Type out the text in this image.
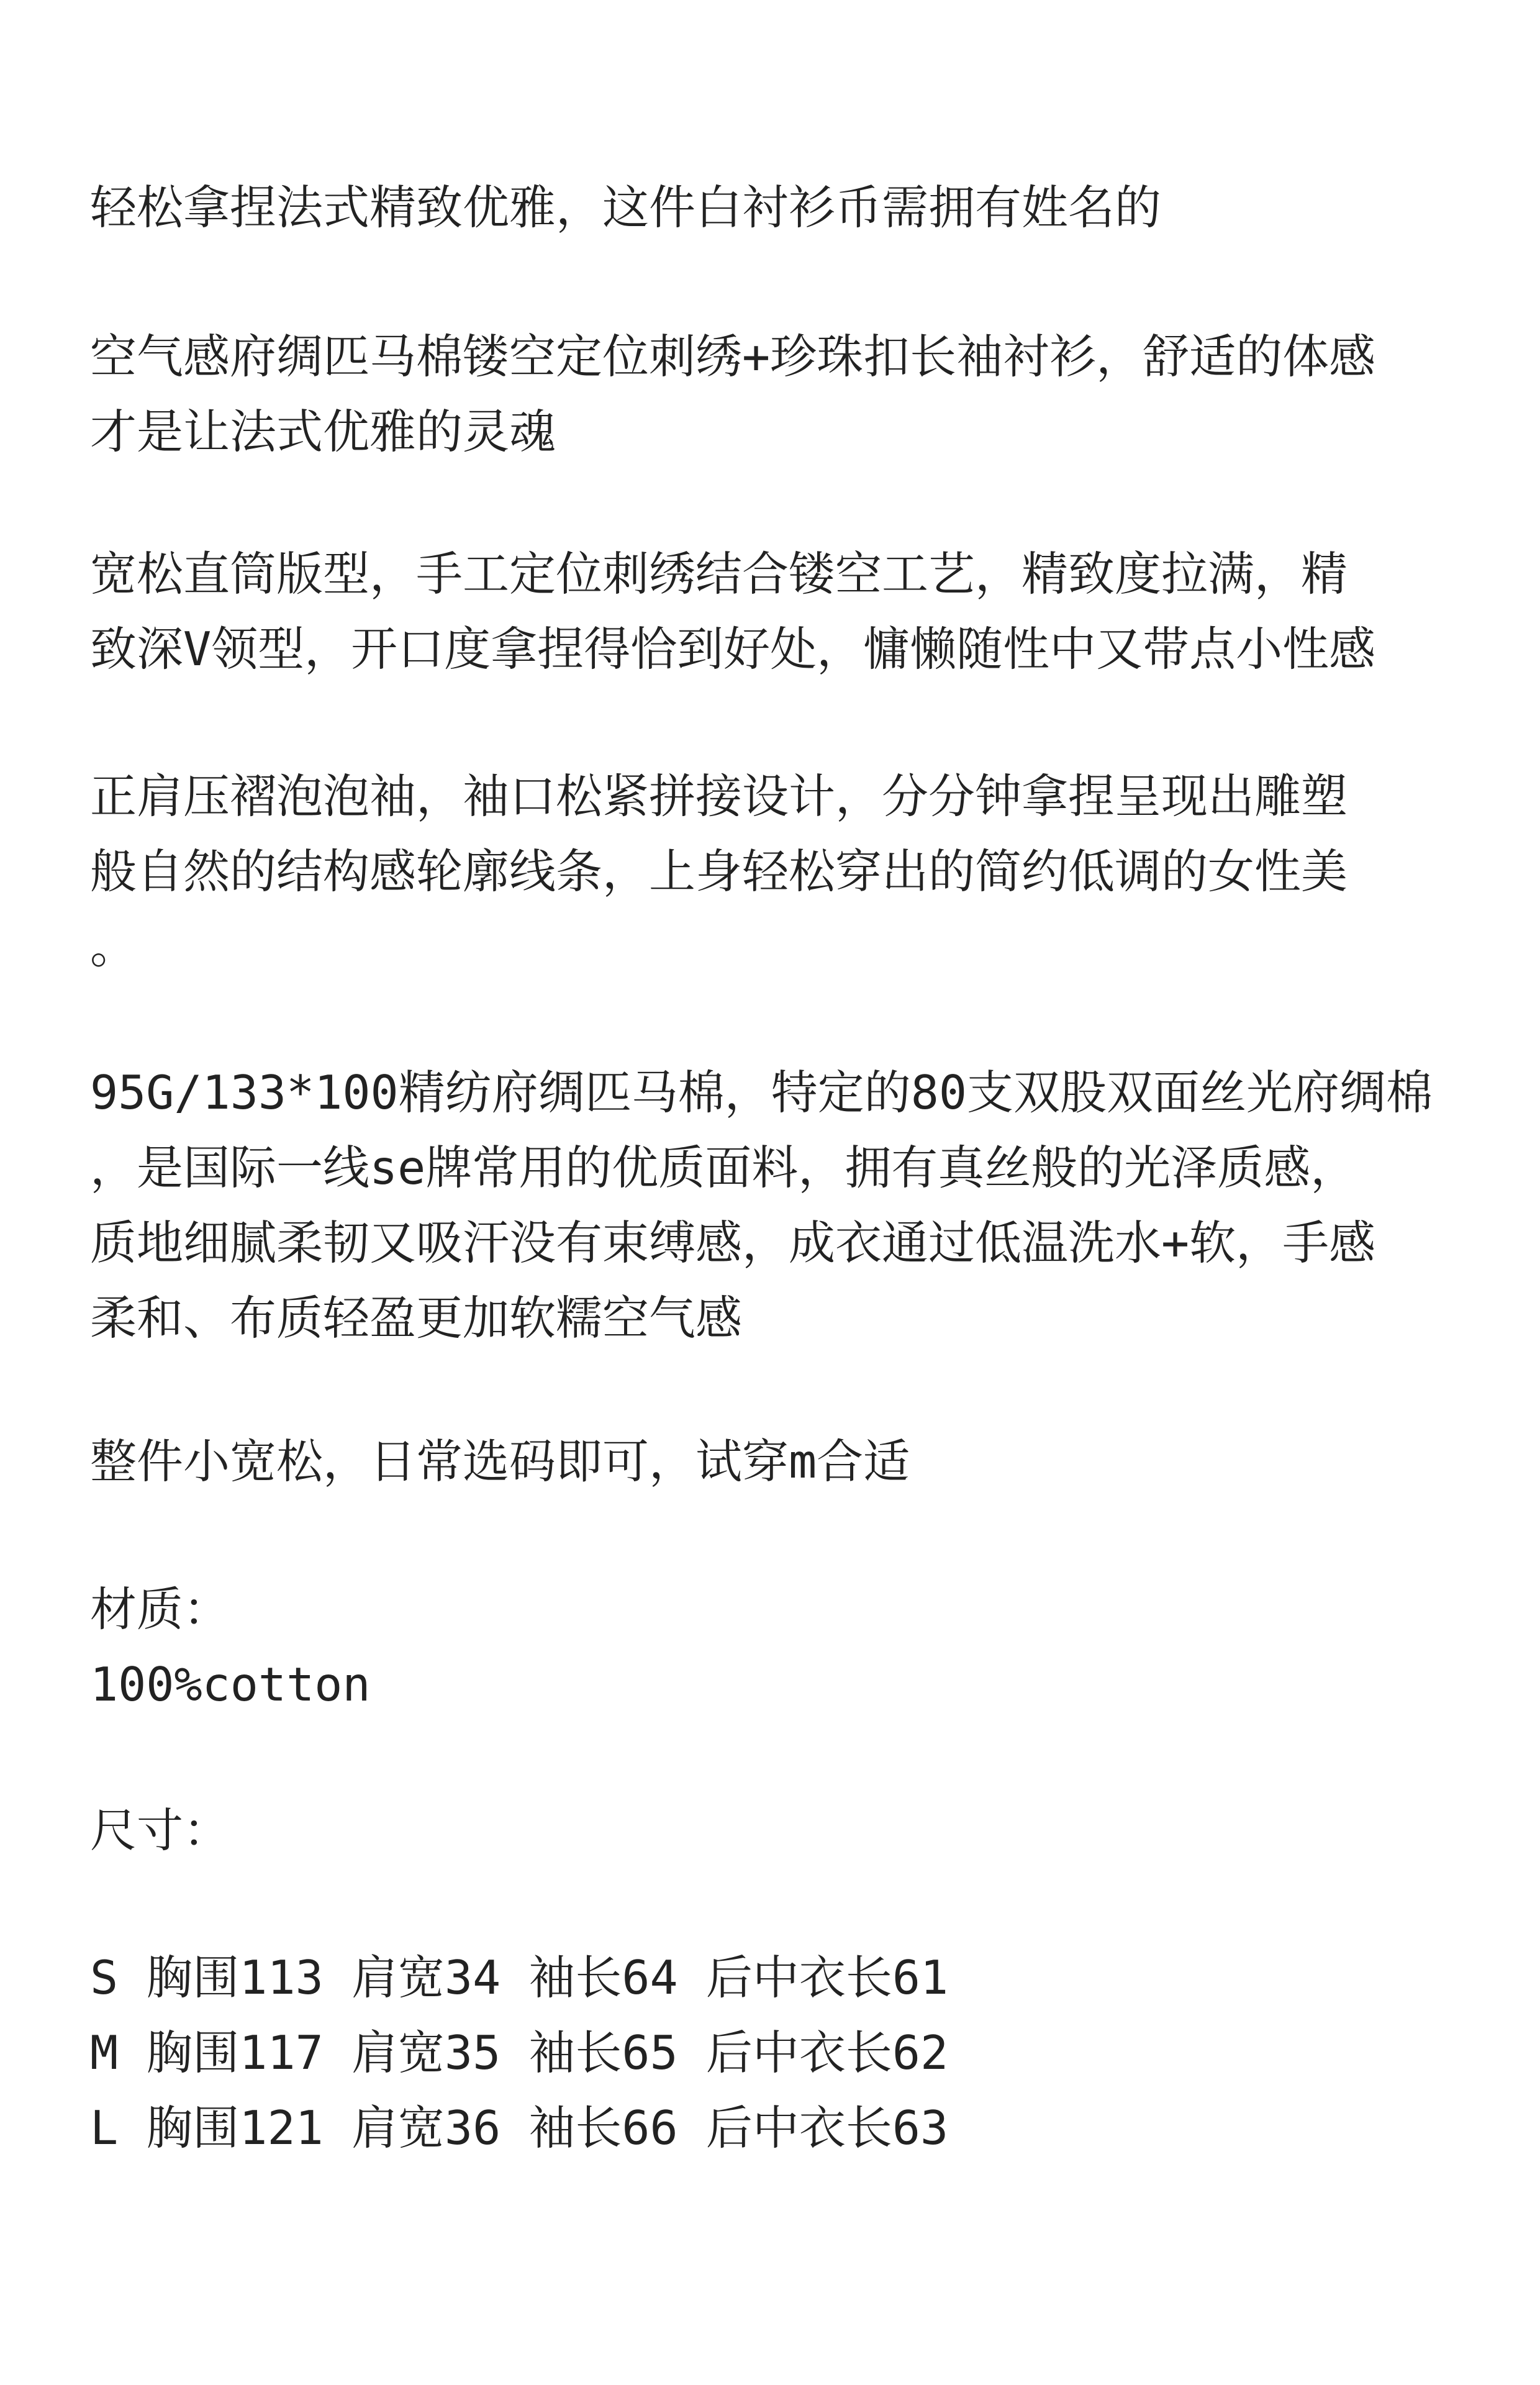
轻松拿捏法式精致优雅，这件白衬衫币需拥有姓名的
空气感府绸匹马棉镂空定位刺绣+珍珠扣长袖衬衫，舒适的体感
才是让法式优雅的灵魂
宽松直筒版型，手工定位刺绣结合镂空工艺，精致度拉满，精
致深V领型，开口度拿捏得恰到好处，慵懒随性中又带点小性感
正肩压褶泡泡袖，袖口松紧拼接设计，分分钟拿捏呈现出雕塑
般自然的结构感轮廓线条，上身轻松穿出的简约低调的女性美
。
95G/133*100精纺府绸匹马棉，特定的80支双股双面丝光府绸棉
，是国际一线se牌常用的优质面料，拥有真丝般的光泽质感，
质地细腻柔韧又吸汗没有束缚感，成衣通过低温洗水+软，手感
柔和、布质轻盈更加软糯空气感
整件小宽松，日常选码即可，试穿m合适
材质：
100%cotton
尺寸：
S 胸围113 肩宽34 袖长64 后中衣长61
M 胸围117 肩宽35 袖长65 后中衣长62
L 胸围121 肩宽36 袖长66 后中衣长63
